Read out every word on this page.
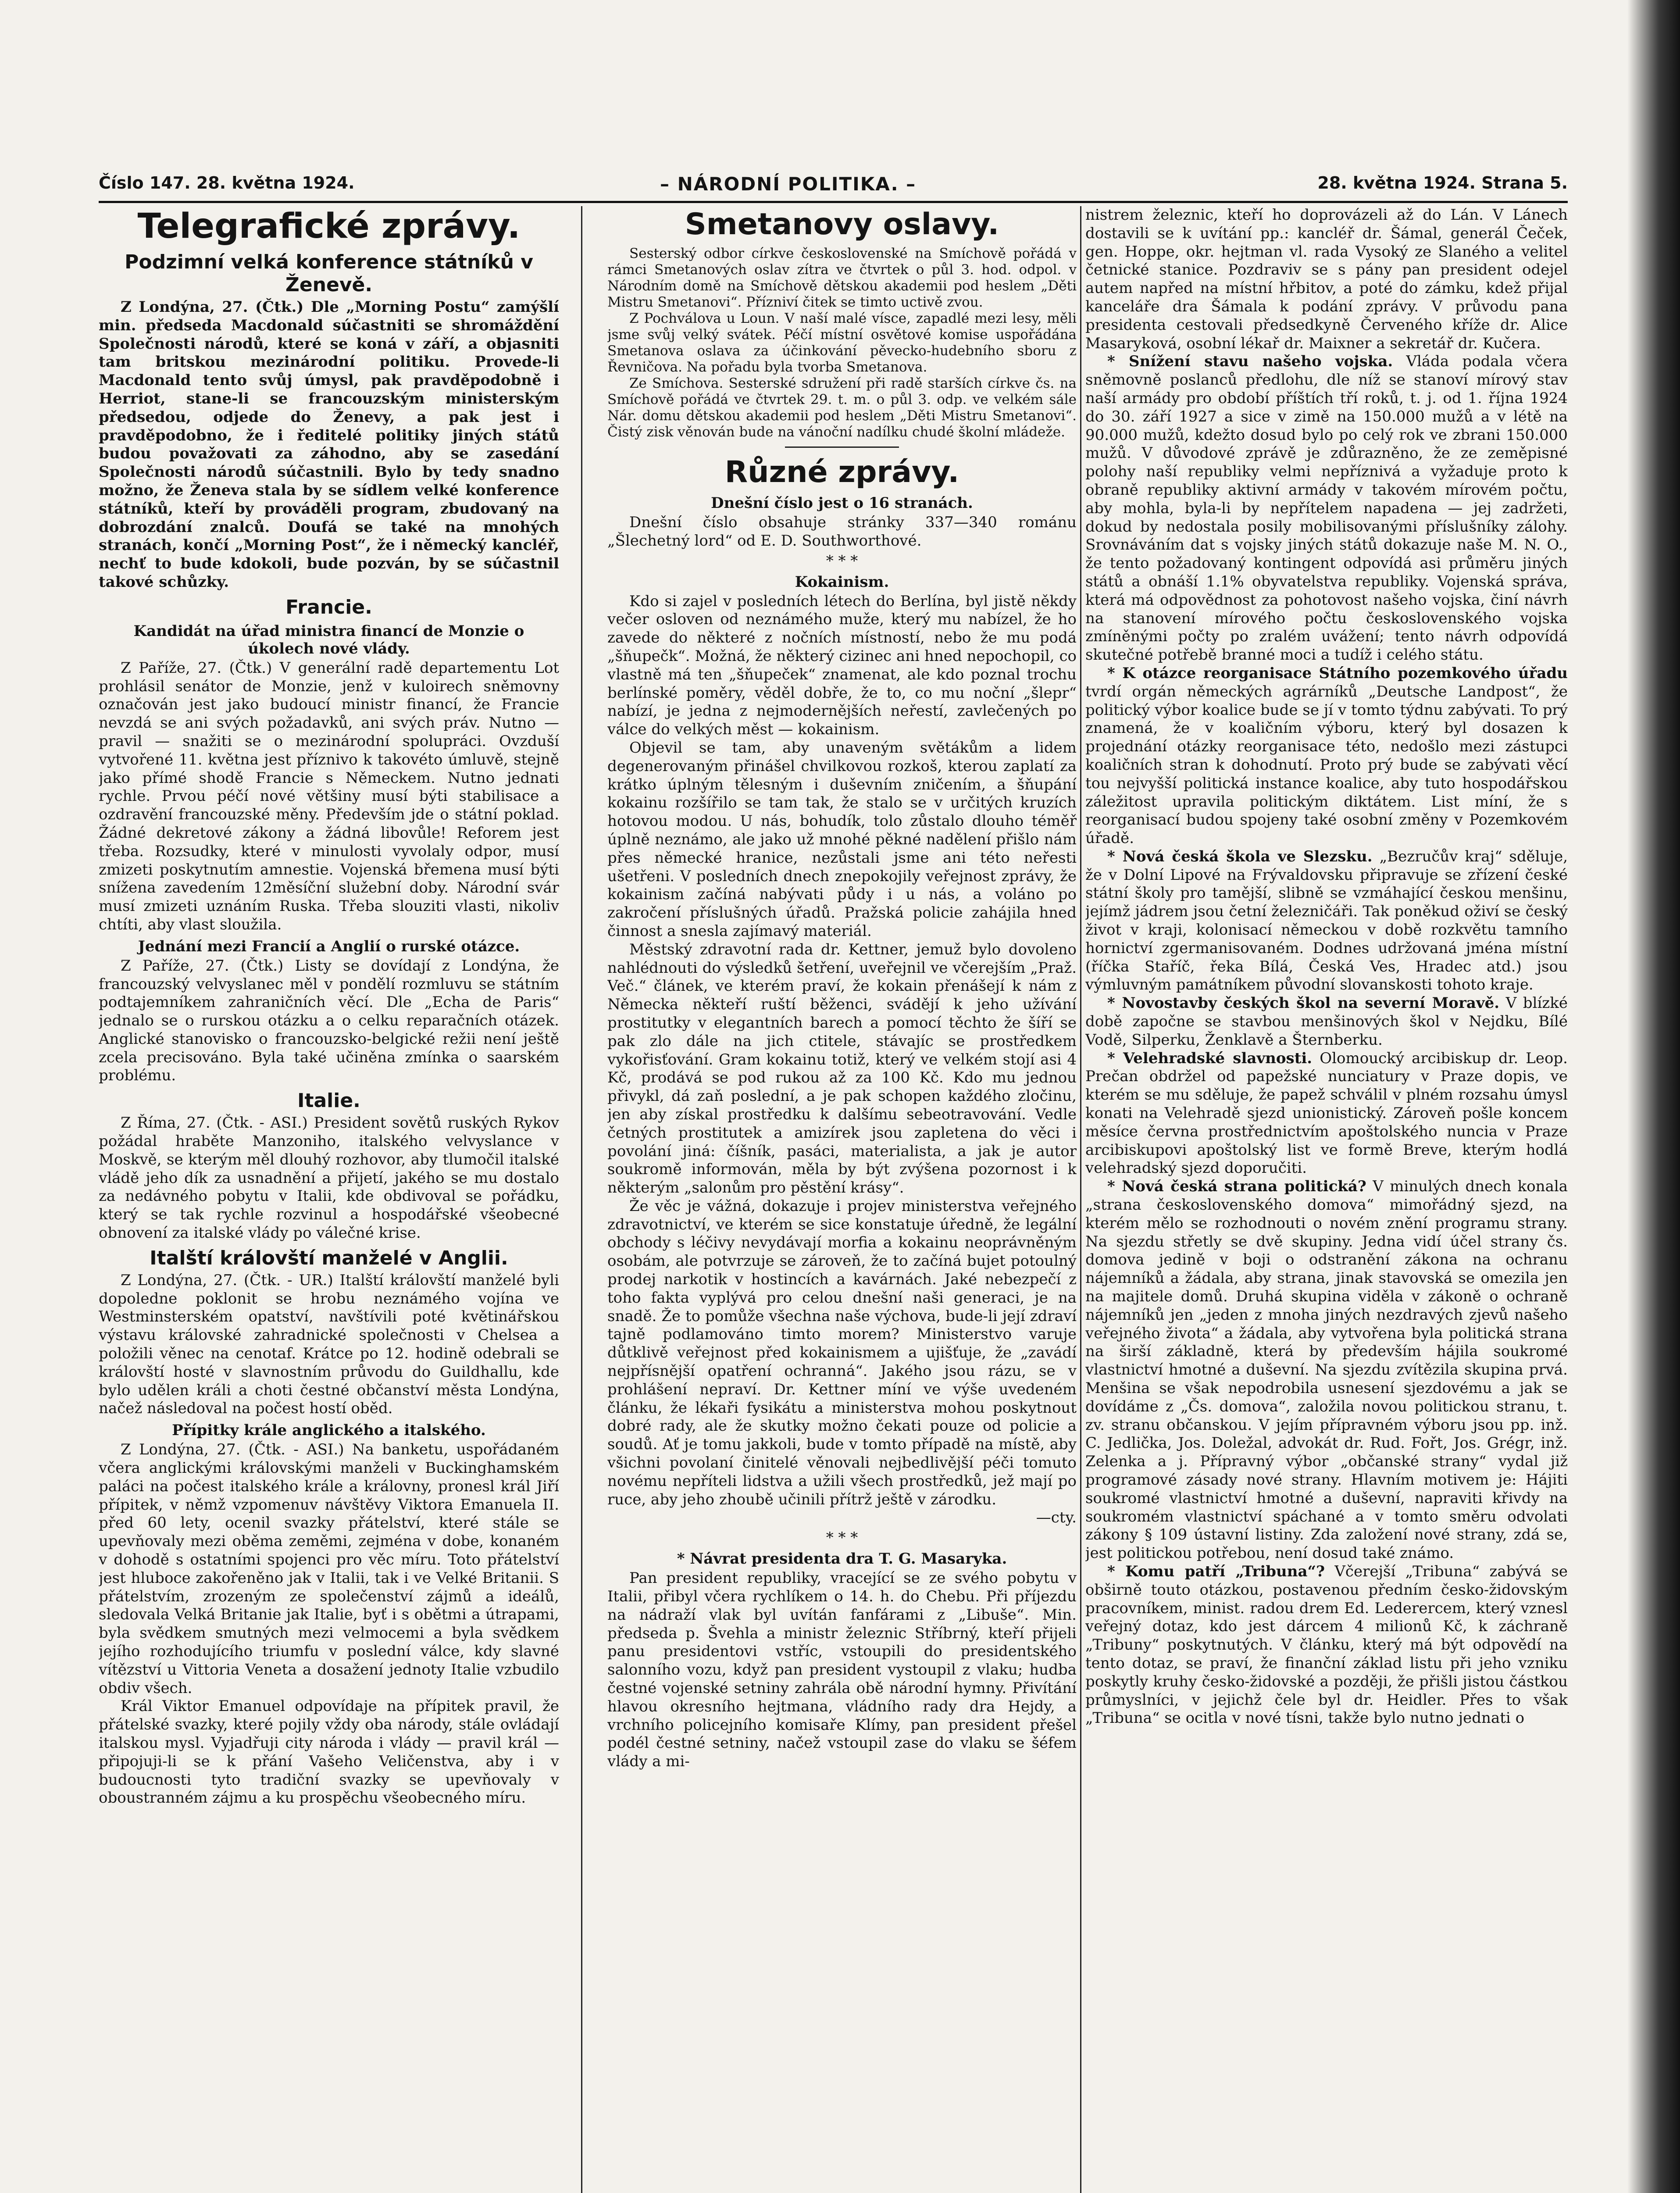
Číslo 147. 28. května 1924.	– NÁRODNÍ POLITIKA. –	28. května 1924. Strana 5.
Telegrafické zprávy.
Podzimní velká konference státníků v Ženevě.

Z Londýna, 27. (Čtk.) Dle „Morning Postu“ zamýšlí min. předseda Macdonald súčastniti se shromáždění Společnosti národů, které se koná v září, a objasniti tam britskou mezinárodní politiku. Provede-li Macdonald tento svůj úmysl, pak pravděpodobně i Herriot, stane-li se francouzským ministerským předsedou, odjede do Ženevy, a pak jest i pravděpodobno, že i ředitelé politiky jiných států budou považovati za záhodno, aby se zasedání Společnosti národů súčastnili. Bylo by tedy snadno možno, že Ženeva stala by se sídlem velké konference státníků, kteří by prováděli program, zbudovaný na dobrozdání znalců. Doufá se také na mnohých stranách, končí „Morning Post“, že i německý kancléř, nechť to bude kdokoli, bude pozván, by se súčastnil takové schůzky.

Francie.
Kandidát na úřad ministra financí de Monzie o úkolech nové vlády.

Z Paříže, 27. (Čtk.) V generální radě departementu Lot prohlásil senátor de Monzie, jenž v kuloirech sněmovny označován jest jako budoucí ministr financí, že Francie nevzdá se ani svých požadavků, ani svých práv. Nutno — pravil — snažiti se o mezinárodní spolupráci. Ovzduší vytvořené 11. května jest příznivo k takovéto úmluvě, stejně jako přímé shodě Francie s Německem. Nutno jednati rychle. Prvou péčí nové většiny musí býti stabilisace a ozdravění francouzské měny. Především jde o státní poklad. Žádné dekretové zákony a žádná libovůle! Reforem jest třeba. Rozsudky, které v minulosti vyvolaly odpor, musí zmizeti poskytnutím amnestie. Vojenská břemena musí býti snížena zavedením 12měsíční služební doby. Národní svár musí zmizeti uznáním Ruska. Třeba slouziti vlasti, nikoliv chtíti, aby vlast sloužila.

Jednání mezi Francií a Anglií o rurské otázce.

Z Paříže, 27. (Čtk.) Listy se dovídají z Londýna, že francouzský velvyslanec měl v pondělí rozmluvu se státním podtajemníkem zahraničních věcí. Dle „Echa de Paris“ jednalo se o rurskou otázku a o celku reparačních otázek. Anglické stanovisko o francouzsko-belgické režii není ještě zcela precisováno. Byla také učiněna zmínka o saarském problému.

Italie.

Z Říma, 27. (Čtk. - ASI.) President sovětů ruských Rykov požádal hraběte Manzoniho, italského velvyslance v Moskvě, se kterým měl dlouhý rozhovor, aby tlumočil italské vládě jeho dík za usnadnění a přijetí, jakého se mu dostalo za nedávného pobytu v Italii, kde obdivoval se pořádku, který se tak rychle rozvinul a hospodářské všeobecné obnovení za italské vlády po válečné krise.

Italští královští manželé v Anglii.

Z Londýna, 27. (Čtk. - UR.) Italští královští manželé byli dopoledne poklonit se hrobu neznámého vojína ve Westminsterském opatství, navštívili poté květinářskou výstavu královské zahradnické společnosti v Chelsea a položili věnec na cenotaf. Krátce po 12. hodině odebrali se královští hosté v slavnostním průvodu do Guildhallu, kde bylo udělen králi a choti čestné občanství města Londýna, načež následoval na počest hostí oběd.

Přípitky krále anglického a italského.

Z Londýna, 27. (Čtk. - ASI.) Na banketu, uspořádaném včera anglickými královskými manželi v Buckinghamském paláci na počest italského krále a královny, pronesl král Jiří přípitek, v němž vzpomenuv návštěvy Viktora Emanuela II. před 60 lety, ocenil svazky přátelství, které stále se upevňovaly mezi oběma zeměmi, zejména v dobe, konaném v dohodě s ostatními spojenci pro věc míru. Toto přátelství jest hluboce zakořeněno jak v Italii, tak i ve Velké Britanii. S přátelstvím, zrozeným ze společenství zájmů a ideálů, sledovala Velká Britanie jak Italie, byť i s obětmi a útrapami, byla svědkem smutných mezi velmocemi a byla svědkem jejího rozhodujícího triumfu v poslední válce, kdy slavné vítězství u Vittoria Veneta a dosažení jednoty Italie vzbudilo obdiv všech.

Král Viktor Emanuel odpovídaje na přípitek pravil, že přátelské svazky, které pojily vždy oba národy, stále ovládají italskou mysl. Vyjadřuji city národa i vlády — pravil král — připojuji-li se k přání Vašeho Veličenstva, aby i v budoucnosti tyto tradiční svazky se upevňovaly v oboustranném zájmu a ku prospěchu všeobecného míru.

Smetanovy oslavy.

Sesterský odbor církve československé na Smíchově pořádá v rámci Smetanových oslav zítra ve čtvrtek o půl 3. hod. odpol. v Národním domě na Smíchově dětskou akademii pod heslem „Děti Mistru Smetanovi“. Přízniví čitek se timto uctivě zvou.

Z Pochválova u Loun. V naší malé vísce, zapadlé mezi lesy, měli jsme svůj velký svátek. Péčí místní osvětové komise uspořádána Smetanova oslava za účinkování pěvecko-hudebního sboru z Řevničova. Na pořadu byla tvorba Smetanova.

Ze Smíchova. Sesterské sdružení při radě starších církve čs. na Smíchově pořádá ve čtvrtek 29. t. m. o půl 3. odp. ve velkém sále Nár. domu dětskou akademii pod heslem „Děti Mistru Smetanovi“. Čistý zisk věnován bude na vánoční nadílku chudé školní mládeže.

Různé zprávy.
Dnešní číslo jest o 16 stranách.

Dnešní číslo obsahuje stránky 337—340 románu „Šlechetný lord“ od E. D. Southworthové.

* * *
Kokainism.

Kdo si zajel v posledních létech do Berlína, byl jistě někdy večer osloven od neznámého muže, který mu nabízel, že ho zavede do některé z nočních místností, nebo že mu podá „šňupečk“. Možná, že některý cizinec ani hned nepochopil, co vlastně má ten „šňupeček“ znamenat, ale kdo poznal trochu berlínské poměry, věděl dobře, že to, co mu noční „šlepr“ nabízí, je jedna z nejmodernějších neřestí, zavlečených po válce do velkých měst — kokainism.

Objevil se tam, aby unaveným světákům a lidem degenerovaným přinášel chvilkovou rozkoš, kterou zaplatí za krátko úplným tělesným i duševním zničením, a šňupání kokainu rozšířilo se tam tak, že stalo se v určitých kruzích hotovou modou. U nás, bohudík, tolo zůstalo dlouho téměř úplně neznámo, ale jako už mnohé pěkné nadělení přišlo nám přes německé hranice, nezůstali jsme ani této neřesti ušetřeni. V posledních dnech znepokojily veřejnost zprávy, že kokainism začíná nabývati půdy i u nás, a voláno po zakročení příslušných úřadů. Pražská policie zahájila hned činnost a snesla zajímavý materiál.

Městský zdravotní rada dr. Kettner, jemuž bylo dovoleno nahlédnouti do výsledků šetření, uveřejnil ve včerejším „Praž. Več.“ článek, ve kterém praví, že kokain přenášejí k nám z Německa někteří ruští běženci, svádějí k jeho užívání prostitutky v elegantních barech a pomocí těchto že šíří se pak zlo dále na jich ctitele, stávajíc se prostředkem vykořisťování. Gram kokainu totiž, který ve velkém stojí asi 4 Kč, prodává se pod rukou až za 100 Kč. Kdo mu jednou přivykl, dá zaň poslední, a je pak schopen každého zločinu, jen aby získal prostředku k dalšímu sebeotravování. Vedle četných prostitutek a amizírek jsou zapletena do věci i povolání jiná: číšník, pasáci, materialista, a jak je autor soukromě informován, měla by být zvýšena pozornost i k některým „salonům pro pěstění krásy“.

Že věc je vážná, dokazuje i projev ministerstva veřejného zdravotnictví, ve kterém se sice konstatuje úředně, že legální obchody s léčivy nevydávají morfia a kokainu neoprávněným osobám, ale potvrzuje se zároveň, že to začíná bujet potoulný prodej narkotik v hostincích a kavárnách. Jaké nebezpečí z toho fakta vyplývá pro celou dnešní naši generaci, je na snadě. Že to pomůže všechna naše výchova, bude-li její zdraví tajně podlamováno timto morem? Ministerstvo varuje důtklivě veřejnost před kokainismem a ujišťuje, že „zavádí nejpřísnější opatření ochranná“. Jakého jsou rázu, se v prohlášení nepraví. Dr. Kettner míní ve výše uvedeném článku, že lékaři fysikátu a ministerstva mohou poskytnout dobré rady, ale že skutky možno čekati pouze od policie a soudů. Ať je tomu jakkoli, bude v tomto případě na místě, aby všichni povolaní činitelé věnovali nejbedlivější péči tomuto novému nepříteli lidstva a užili všech prostředků, jež mají po ruce, aby jeho zhoubě učinili přítrž ještě v zárodku.

—cty.
* * *
* Návrat presidenta dra T. G. Masaryka.

Pan president republiky, vracející se ze svého pobytu v Italii, přibyl včera rychlíkem o 14. h. do Chebu. Při příjezdu na nádraží vlak byl uvítán fanfárami z „Libuše“. Min. předseda p. Švehla a ministr železnic Stříbrný, kteří přijeli panu presidentovi vstříc, vstoupili do presidentského salonního vozu, když pan president vystoupil z vlaku; hudba čestné vojenské setniny zahrála obě národní hymny. Přivítání hlavou okresního hejtmana, vládního rady dra Hejdy, a vrchního policejního komisaře Klímy, pan president přešel podél čestné setniny, načež vstoupil zase do vlaku se šéfem vlády a mi-

nistrem železnic, kteří ho doprovázeli až do Lán. V Lánech dostavili se k uvítání pp.: kancléř dr. Šámal, generál Čeček, gen. Hoppe, okr. hejtman vl. rada Vysoký ze Slaného a velitel četnické stanice. Pozdraviv se s pány pan president odejel autem napřed na místní hřbitov, a poté do zámku, kdež přijal kanceláře dra Šámala k podání zprávy. V průvodu pana presidenta cestovali předsedkyně Červeného kříže dr. Alice Masaryková, osobní lékař dr. Maixner a sekretář dr. Kučera.

* Snížení stavu našeho vojska. Vláda podala včera sněmovně poslanců předlohu, dle níž se stanoví mírový stav naší armády pro období příštích tří roků, t. j. od 1. října 1924 do 30. září 1927 a sice v zimě na 150.000 mužů a v létě na 90.000 mužů, kdežto dosud bylo po celý rok ve zbrani 150.000 mužů. V důvodové zprávě je zdůrazněno, že ze zeměpisné polohy naší republiky velmi nepříznivá a vyžaduje proto k obraně republiky aktivní armády v takovém mírovém počtu, aby mohla, byla-li by nepřítelem napadena — jej zadržeti, dokud by nedostala posily mobilisovanými příslušníky zálohy. Srovnáváním dat s vojsky jiných států dokazuje naše M. N. O., že tento požadovaný kontingent odpovídá asi průměru jiných států a obnáší 1.1% obyvatelstva republiky. Vojenská správa, která má odpovědnost za pohotovost našeho vojska, činí návrh na stanovení mírového počtu československého vojska zmíněnými počty po zralém uvážení; tento návrh odpovídá skutečné potřebě branné moci a tudíž i celého státu.

* K otázce reorganisace Státního pozemkového úřadu tvrdí orgán německých agrárníků „Deutsche Landpost“, že politický výbor koalice bude se jí v tomto týdnu zabývati. To prý znamená, že v koaličním výboru, který byl dosazen k projednání otázky reorganisace této, nedošlo mezi zástupci koaličních stran k dohodnutí. Proto prý bude se zabývati věcí tou nejvyšší politická instance koalice, aby tuto hospodářskou záležitost upravila politickým diktátem. List míní, že s reorganisací budou spojeny také osobní změny v Pozemkovém úřadě.

* Nová česká škola ve Slezsku. „Bezručův kraj“ sděluje, že v Dolní Lipové na Frývaldovsku připravuje se zřízení české státní školy pro tamější, slibně se vzmáhající českou menšinu, jejímž jádrem jsou četní železničáři. Tak poněkud oživí se český život v kraji, kolonisací německou v době rozkvětu tamního hornictví zgermanisovaném. Dodnes udržovaná jména místní (říčka Staříč, řeka Bílá, Česká Ves, Hradec atd.) jsou výmluvným památníkem původní slovanskosti tohoto kraje.

* Novostavby českých škol na severní Moravě. V blízké době započne se stavbou menšinových škol v Nejdku, Bílé Vodě, Silperku, Ženklavě a Šternberku.

* Velehradské slavnosti. Olomoucký arcibiskup dr. Leop. Prečan obdržel od papežské nunciatury v Praze dopis, ve kterém se mu sděluje, že papež schválil v plném rozsahu úmysl konati na Velehradě sjezd unionistický. Zároveň pošle koncem měsíce června prostřednictvím apoštolského nuncia v Praze arcibiskupovi apoštolský list ve formě Breve, kterým hodlá velehradský sjezd doporučiti.

* Nová česká strana politická? V minulých dnech konala „strana československého domova“ mimořádný sjezd, na kterém mělo se rozhodnouti o novém znění programu strany. Na sjezdu střetly se dvě skupiny. Jedna vidí účel strany čs. domova jedině v boji o odstranění zákona na ochranu nájemníků a žádala, aby strana, jinak stavovská se omezila jen na majitele domů. Druhá skupina viděla v zákoně o ochraně nájemníků jen „jeden z mnoha jiných nezdravých zjevů našeho veřejného života“ a žádala, aby vytvořena byla politická strana na širší základně, která by především hájila soukromé vlastnictví hmotné a duševní. Na sjezdu zvítězila skupina prvá. Menšina se však nepodrobila usnesení sjezdovému a jak se dovídáme z „Čs. domova“, založila novou politickou stranu, t. zv. stranu občanskou. V jejím přípravném výboru jsou pp. inž. C. Jedlička, Jos. Doležal, advokát dr. Rud. Fořt, Jos. Grégr, inž. Zelenka a j. Přípravný výbor „občanské strany“ vydal již programové zásady nové strany. Hlavním motivem je: Hájiti soukromé vlastnictví hmotné a duševní, napraviti křivdy na soukromém vlastnictví spáchané a v tomto směru odvolati zákony § 109 ústavní listiny. Zda založení nové strany, zdá se, jest politickou potřebou, není dosud také známo.

* Komu patří „Tribuna“? Včerejší „Tribuna“ zabývá se obširně touto otázkou, postavenou předním česko-židovským pracovníkem, minist. radou drem Ed. Lederercem, který vznesl veřejný dotaz, kdo jest dárcem 4 milionů Kč, k záchraně „Tribuny“ poskytnutých. V článku, který má být odpovědí na tento dotaz, se praví, že finanční základ listu při jeho vzniku poskytly kruhy česko-židovské a později, že přišli jistou částkou průmyslníci, v jejichž čele byl dr. Heidler. Přes to však „Tribuna“ se ocitla v nové tísni, takže bylo nutno jednati o
